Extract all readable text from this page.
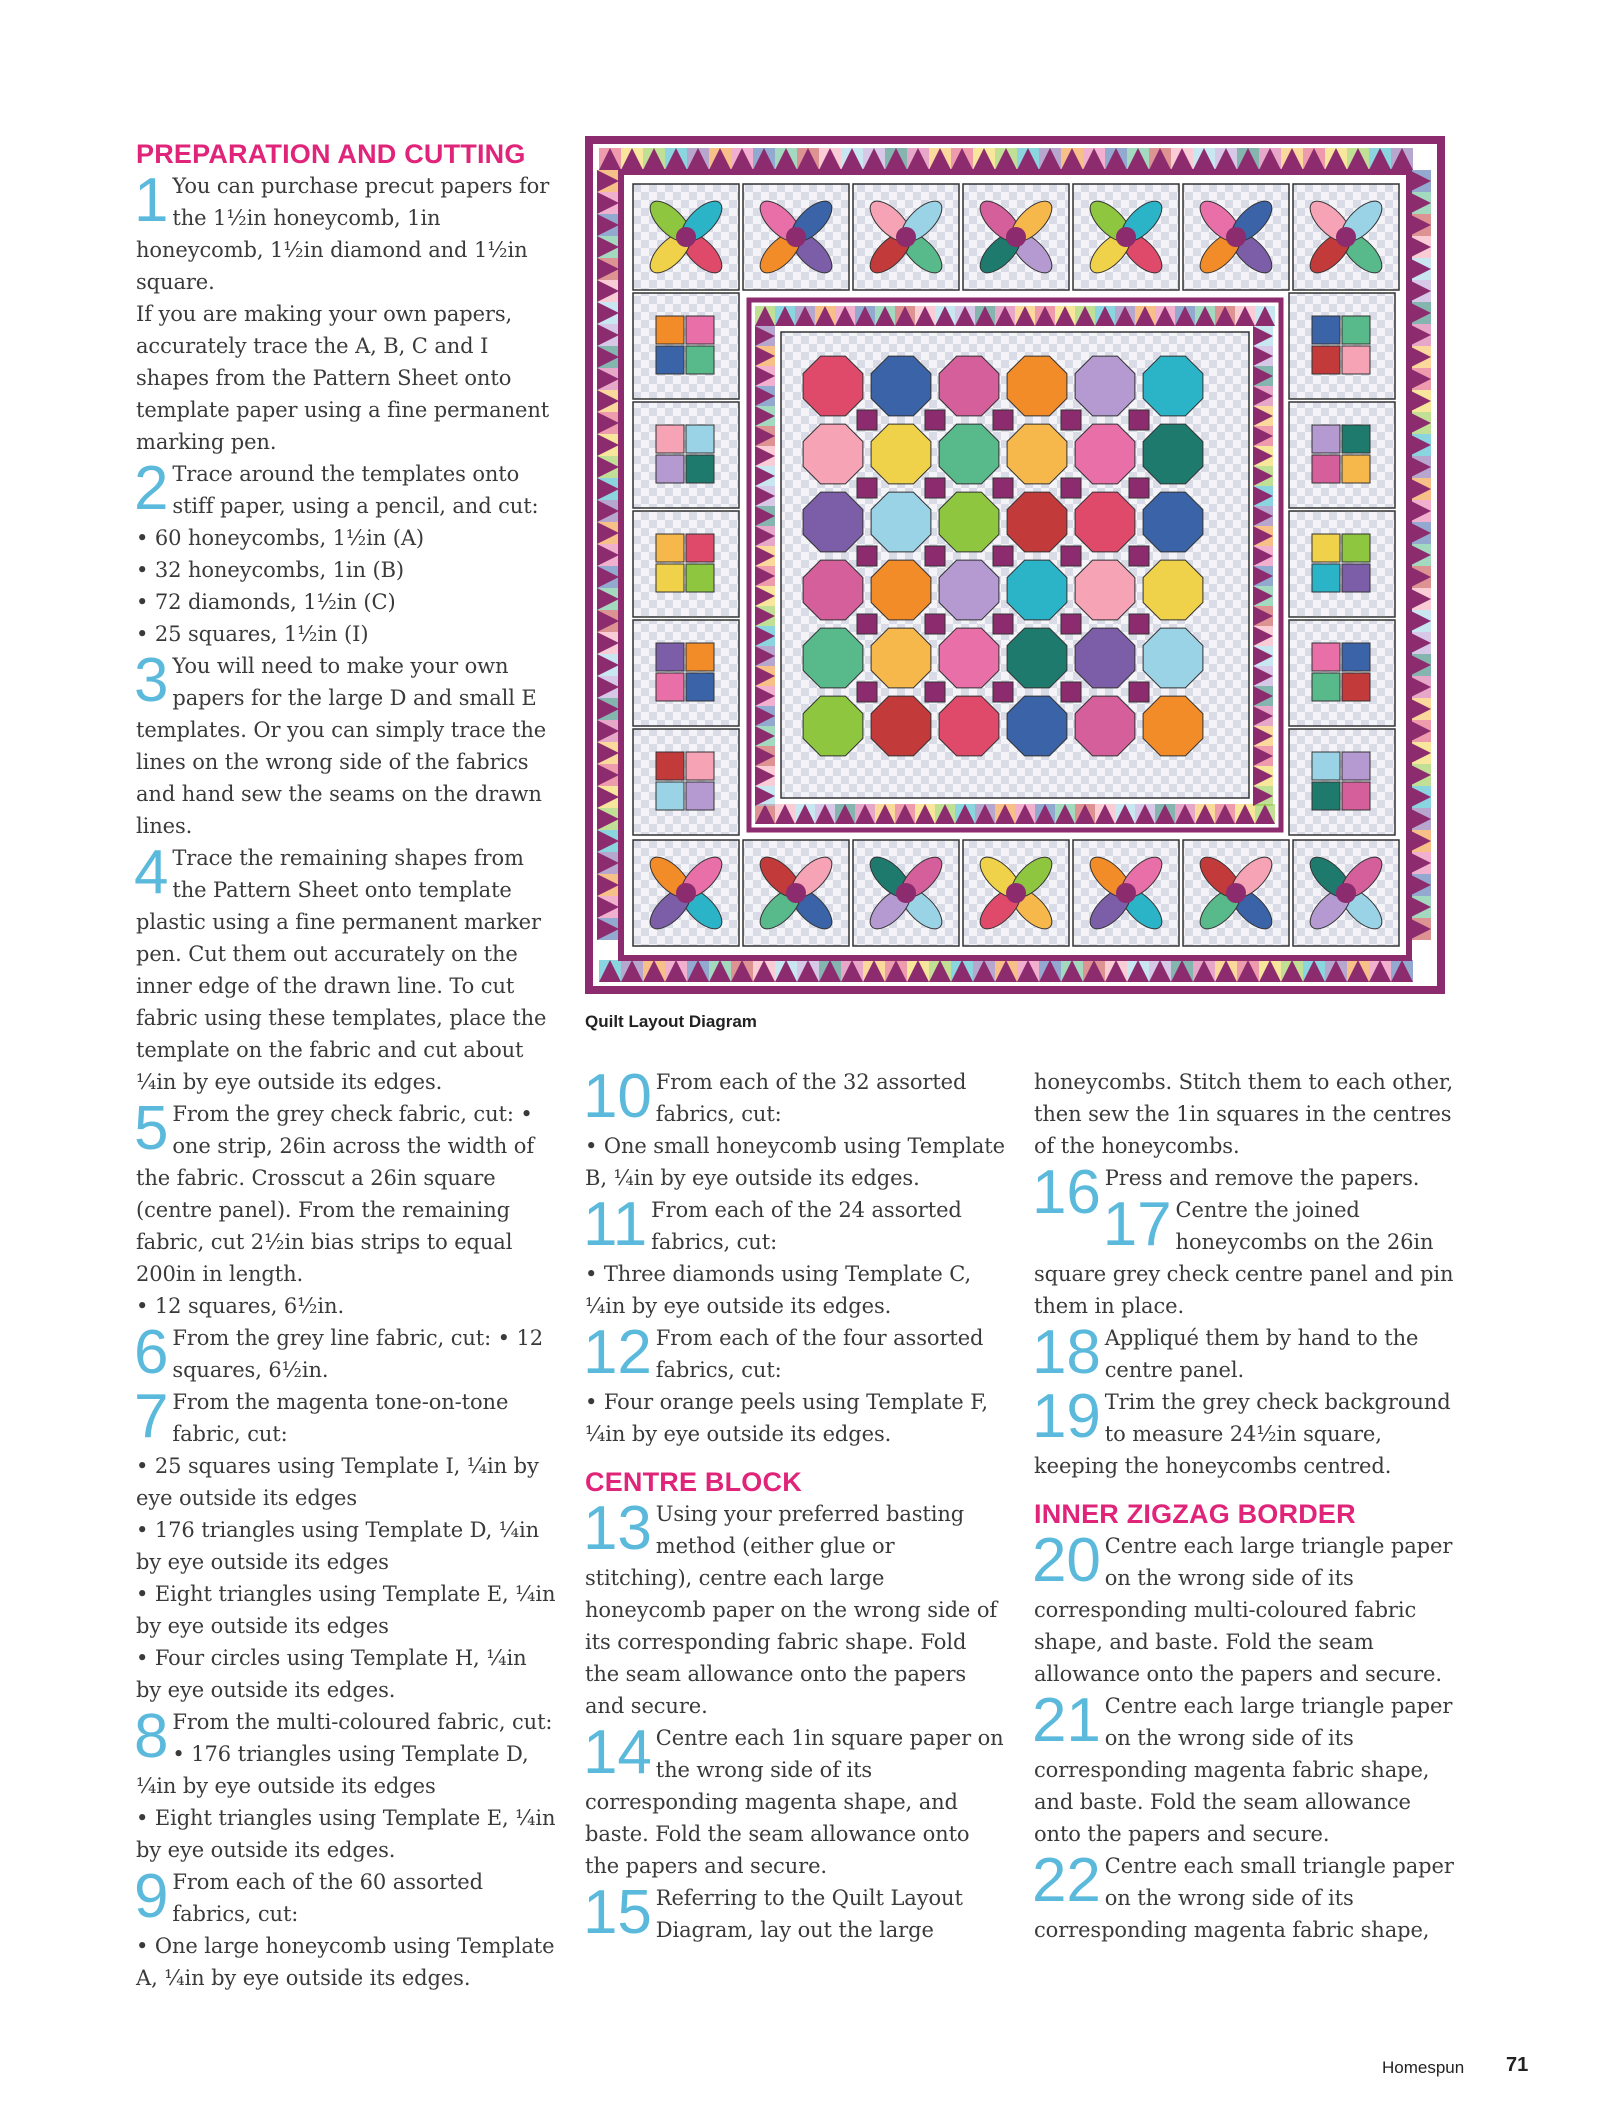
PREPARATION AND CUTTING
1 You can purchase precut papers for the 1½in honeycomb, 1in honeycomb, 1½in diamond and 1½in square.

If you are making your own papers, accurately trace the A, B, C and I shapes from the Pattern Sheet onto template paper using a fine permanent marking pen.

2 Trace around the templates onto stiff paper, using a pencil, and cut:

• 60 honeycombs, 1½in (A)

• 32 honeycombs, 1in (B)

• 72 diamonds, 1½in (C)

• 25 squares, 1½in (I)

3 You will need to make your own papers for the large D and small E templates. Or you can simply trace the lines on the wrong side of the fabrics and hand sew the seams on the drawn lines.

4 Trace the remaining shapes from the Pattern Sheet onto template plastic using a fine permanent marker pen. Cut them out accurately on the inner edge of the drawn line. To cut fabric using these templates, place the template on the fabric and cut about ¼in by eye outside its edges.

5 From the grey check fabric, cut: • one strip, 26in across the width of the fabric. Crosscut a 26in square (centre panel). From the remaining fabric, cut 2½in bias strips to equal 200in in length.

• 12 squares, 6½in.

6 From the grey line fabric, cut: • 12 squares, 6½in.

7 From the magenta tone-on-tone fabric, cut:

• 25 squares using Template I, ¼in by eye outside its edges

• 176 triangles using Template D, ¼in by eye outside its edges

• Eight triangles using Template E, ¼in by eye outside its edges

• Four circles using Template H, ¼in by eye outside its edges.

8 From the multi-coloured fabric, cut: • 176 triangles using Template D, ¼in by eye outside its edges

• Eight triangles using Template E, ¼in by eye outside its edges.

9 From each of the 60 assorted fabrics, cut:

• One large honeycomb using Template A, ¼in by eye outside its edges.

Quilt Layout Diagram
10 From each of the 32 assorted fabrics, cut:

• One small honeycomb using Template B, ¼in by eye outside its edges.

11 From each of the 24 assorted fabrics, cut:

• Three diamonds using Template C, ¼in by eye outside its edges.

12 From each of the four assorted fabrics, cut:

• Four orange peels using Template F, ¼in by eye outside its edges.

CENTRE BLOCK
13 Using your preferred basting method (either glue or stitching), centre each large honeycomb paper on the wrong side of its corresponding fabric shape. Fold the seam allowance onto the papers and secure.

14 Centre each 1in square paper on the wrong side of its corresponding magenta shape, and baste. Fold the seam allowance onto the papers and secure.

15 Referring to the Quilt Layout Diagram, lay out the large

honeycombs. Stitch them to each other, then sew the 1in squares in the centres of the honeycombs.

16 Press and remove the papers.

17 Centre the joined honeycombs on the 26in square grey check centre panel and pin them in place.

18 Appliqué them by hand to the centre panel.

19 Trim the grey check background to measure 24½in square, keeping the honeycombs centred.

INNER ZIGZAG BORDER
20 Centre each large triangle paper on the wrong side of its corresponding multi-coloured fabric shape, and baste. Fold the seam allowance onto the papers and secure.

21 Centre each large triangle paper on the wrong side of its corresponding magenta fabric shape, and baste. Fold the seam allowance onto the papers and secure.

22 Centre each small triangle paper on the wrong side of its corresponding magenta fabric shape,

Homespun 71
